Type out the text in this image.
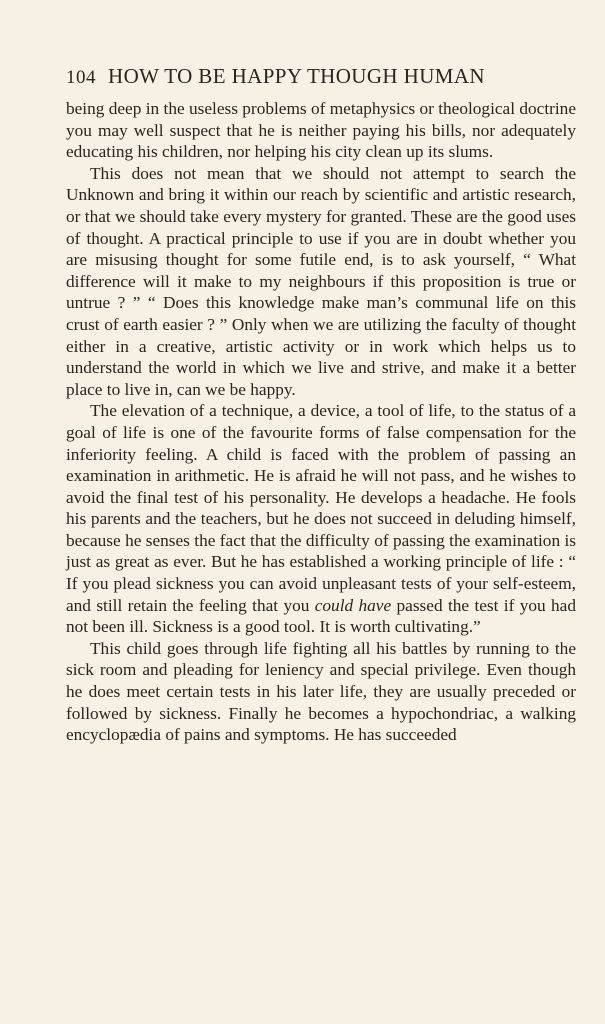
104 HOW TO BE HAPPY THOUGH HUMAN

being deep in the useless problems of metaphysics or theological doctrine you may well suspect that he is neither paying his bills, nor adequately educating his children, nor helping his city clean up its slums.

This does not mean that we should not attempt to search the Unknown and bring it within our reach by scientific and artistic research, or that we should take every mystery for granted. These are the good uses of thought. A practical principle to use if you are in doubt whether you are misusing thought for some futile end, is to ask yourself, “ What difference will it make to my neighbours if this proposition is true or untrue ? ” “ Does this knowledge make man’s communal life on this crust of earth easier ? ” Only when we are utilizing the faculty of thought either in a creative, artistic activity or in work which helps us to understand the world in which we live and strive, and make it a better place to live in, can we be happy.

The elevation of a technique, a device, a tool of life, to the status of a goal of life is one of the favourite forms of false compensation for the inferiority feeling. A child is faced with the problem of passing an examination in arithmetic. He is afraid he will not pass, and he wishes to avoid the final test of his personality. He develops a headache. He fools his parents and the teachers, but he does not succeed in deluding himself, because he senses the fact that the difficulty of passing the examination is just as great as ever. But he has established a working principle of life : “ If you plead sickness you can avoid unpleasant tests of your self-esteem, and still retain the feeling that you could have passed the test if you had not been ill. Sickness is a good tool. It is worth cultivating.”

This child goes through life fighting all his battles by running to the sick room and pleading for leniency and special privilege. Even though he does meet certain tests in his later life, they are usually preceded or followed by sickness. Finally he becomes a hypochondriac, a walking encyclopædia of pains and symptoms. He has succeeded
